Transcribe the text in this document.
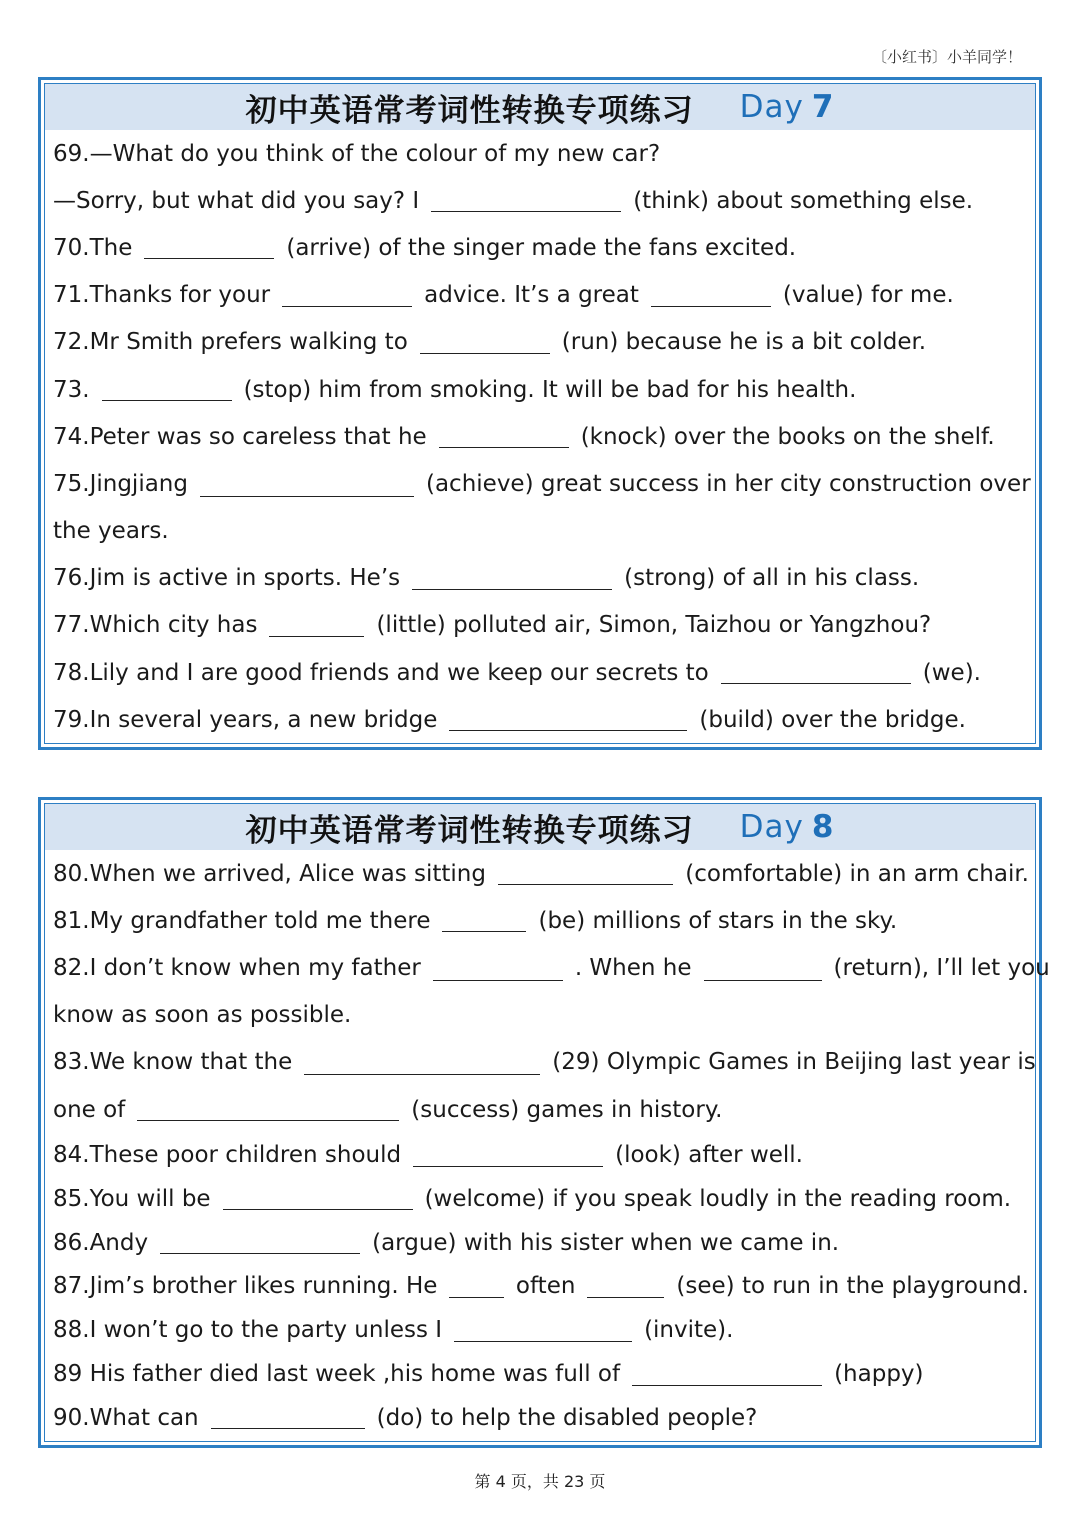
〔小红书〕小羊同学！
初中英语常考词性转换专项练习 Day 7
69.—What do you think of the colour of my new car?
—Sorry, but what did you say? I	(think) about something else.
70.The	(arrive) of the singer made the fans excited.
71.Thanks for your	advice. It’s a great	(value) for me.
72.Mr Smith prefers walking to	(run) because he is a bit colder.
73.	(stop) him from smoking. It will be bad for his health.
74.Peter was so careless that he	(knock) over the books on the shelf.
75.Jingjiang	(achieve) great success in her city construction over
the years.
76.Jim is active in sports. He’s	(strong) of all in his class.
77.Which city has	(little) polluted air, Simon, Taizhou or Yangzhou?
78.Lily and I are good friends and we keep our secrets to	(we).
79.In several years, a new bridge	(build) over the bridge.
初中英语常考词性转换专项练习 Day 8
80.When we arrived, Alice was sitting	(comfortable) in an arm chair.
81.My grandfather told me there	(be) millions of stars in the sky.
82.I don’t know when my father	. When he	(return), I’ll let you
know as soon as possible.
83.We know that the	(29) Olympic Games in Beijing last year is
one of	(success) games in history.
84.These poor children should	(look) after well.
85.You will be	(welcome) if you speak loudly in the reading room.
86.Andy	(argue) with his sister when we came in.
87.Jim’s brother likes running. He	often	(see) to run in the playground.
88.I won’t go to the party unless I	(invite).
89 His father died last week ,his home was full of	(happy)
90.What can	(do) to help the disabled people?
第 4 页，共 23 页
